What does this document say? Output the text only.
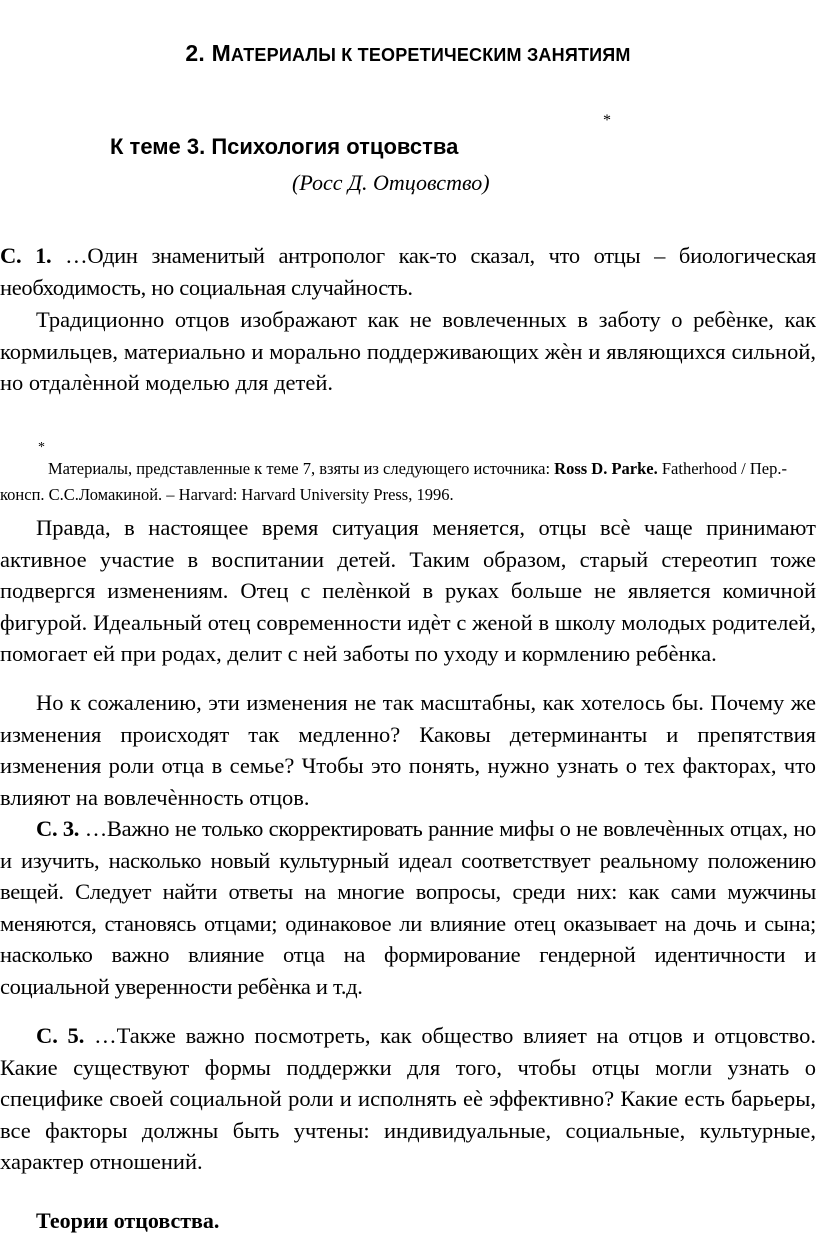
2. МАТЕРИАЛЫ К ТЕОРЕТИЧЕСКИМ ЗАНЯТИЯМ
*
К теме 3. Психология отцовства
(Росс Д. Отцовство)

С. 1. …Один знаменитый антрополог как-то сказал, что отцы – биологическая необходимость, но социальная случайность.

Традиционно отцов изображают как не вовлеченных в заботу о ребѐнке, как кормильцев, материально и морально поддерживающих жѐн и являющихся сильной, но отдалѐнной моделью для детей.

*

Материалы, представленные к теме 7, взяты из следующего источника: Ross D. Parke. Fatherhood / Пер.-консп. С.С.Ломакиной. – Harvard: Harvard University Press, 1996.

Правда, в настоящее время ситуация меняется, отцы всѐ чаще принимают активное участие в воспитании детей. Таким образом, старый стереотип тоже подвергся изменениям. Отец с пелѐнкой в руках больше не является комичной фигурой. Идеальный отец современности идѐт с женой в школу молодых родителей, помогает ей при родах, делит с ней заботы по уходу и кормлению ребѐнка.

Но к сожалению, эти изменения не так масштабны, как хотелось бы. Почему же изменения происходят так медленно? Каковы детерминанты и препятствия изменения роли отца в семье? Чтобы это понять, нужно узнать о тех факторах, что влияют на вовлечѐнность отцов.

С. 3. …Важно не только скорректировать ранние мифы о не вовлечѐнных отцах, но и изучить, насколько новый культурный идеал соответствует реальному положению вещей. Следует найти ответы на многие вопросы, среди них: как сами мужчины меняются, становясь отцами; одинаковое ли влияние отец оказывает на дочь и сына; насколько важно влияние отца на формирование гендерной идентичности и социальной уверенности ребѐнка и т.д.

С. 5. …Также важно посмотреть, как общество влияет на отцов и отцовство. Какие существуют формы поддержки для того, чтобы отцы могли узнать о специфике своей социальной роли и исполнять еѐ эффективно? Какие есть барьеры, все факторы должны быть учтены: индивидуальные, социальные, культурные, характер отношений.

Теории отцовства.
